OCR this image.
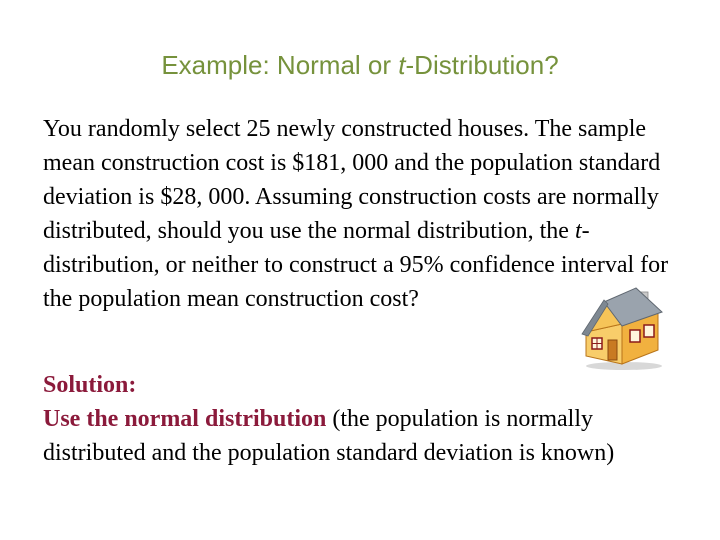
Example: Normal or t-Distribution?
You randomly select 25 newly constructed houses. The sample mean construction cost is $181, 000 and the population standard deviation is $28, 000. Assuming construction costs are normally distributed, should you use the normal distribution, the t-distribution, or neither to construct a 95% confidence interval for the population mean construction cost?
Solution:
Use the normal distribution (the population is normally distributed and the population standard deviation is known)
